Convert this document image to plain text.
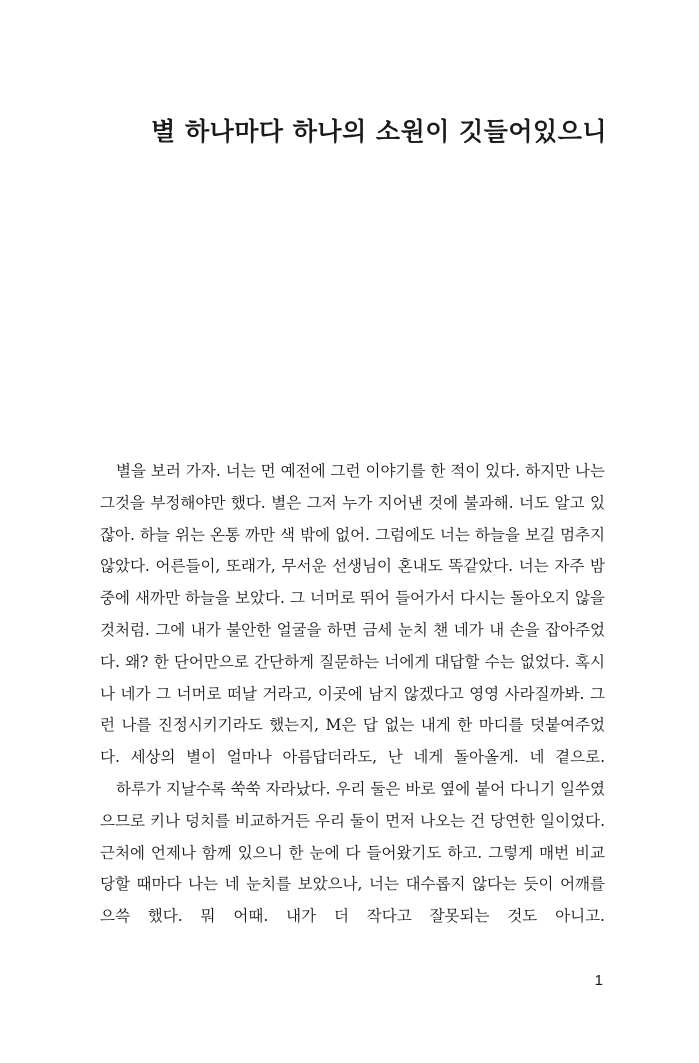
별 하나마다 하나의 소원이 깃들어있으니

별을 보러 가자. 너는 먼 예전에 그런 이야기를 한 적이 있다. 하지만 나는 그것을 부정해야만 했다. 별은 그저 누가 지어낸 것에 불과해. 너도 알고 있잖아. 하늘 위는 온통 까만 색 밖에 없어. 그럼에도 너는 하늘을 보길 멈추지 않았다. 어른들이, 또래가, 무서운 선생님이 혼내도 똑같았다. 너는 자주 밤중에 새까만 하늘을 보았다. 그 너머로 뛰어 들어가서 다시는 돌아오지 않을 것처럼. 그에 내가 불안한 얼굴을 하면 금세 눈치 챈 네가 내 손을 잡아주었다. 왜? 한 단어만으로 간단하게 질문하는 너에게 대답할 수는 없었다. 혹시나 네가 그 너머로 떠날 거라고, 이곳에 남지 않겠다고 영영 사라질까봐. 그런 나를 진정시키기라도 했는지, M은 답 없는 내게 한 마디를 덧붙여주었다. 세상의 별이 얼마나 아름답더라도, 난 네게 돌아올게. 네 곁으로.

하루가 지날수록 쑥쑥 자라났다. 우리 둘은 바로 옆에 붙어 다니기 일쑤였으므로 키나 덩치를 비교하거든 우리 둘이 먼저 나오는 건 당연한 일이었다. 근처에 언제나 함께 있으니 한 눈에 다 들어왔기도 하고. 그렇게 매번 비교당할 때마다 나는 네 눈치를 보았으나, 너는 대수롭지 않다는 듯이 어깨를 으쓱 했다. 뭐 어때. 내가 더 작다고 잘못되는 것도 아니고.

1
